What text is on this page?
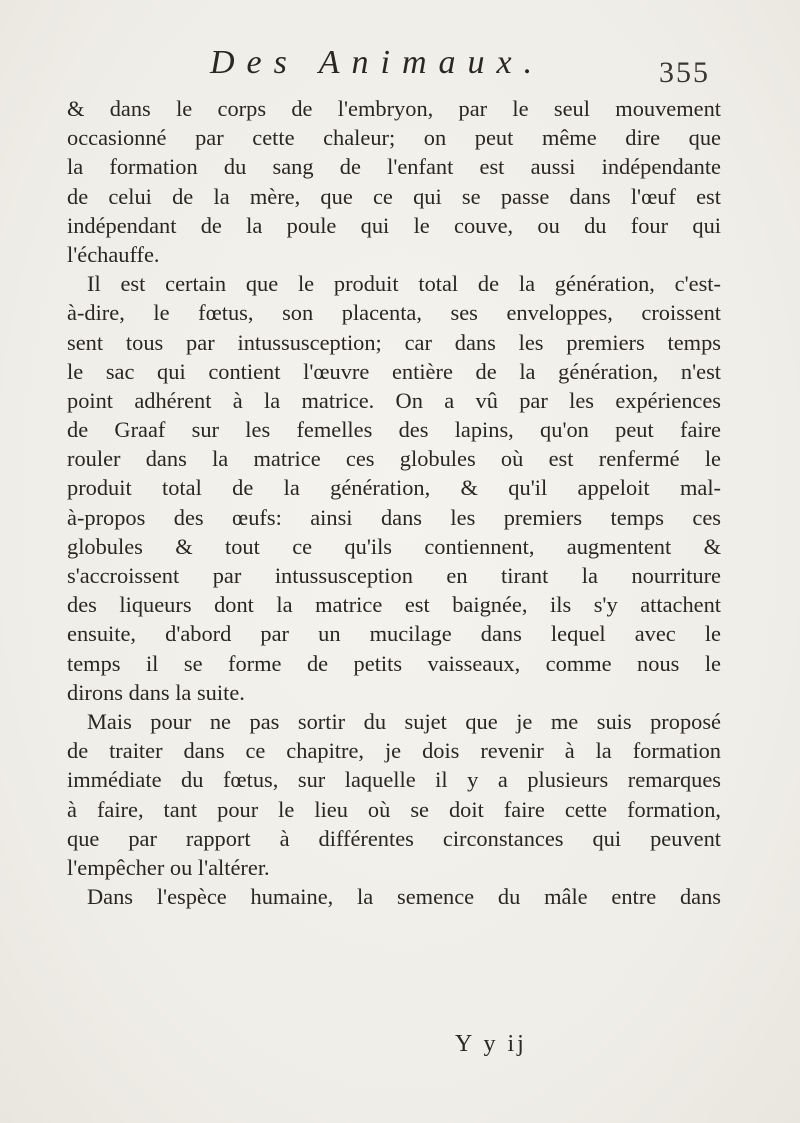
Des Animaux.	355
& dans le corps de l'embryon, par le seul mouvement
occasionné par cette chaleur; on peut même dire que
la formation du sang de l'enfant est aussi indépendante
de celui de la mère, que ce qui se passe dans l'œuf est
indépendant de la poule qui le couve, ou du four qui
l'échauffe.
Il est certain que le produit total de la génération, c'est-
à-dire, le fœtus, son placenta, ses enveloppes, croissent
sent tous par intussusception; car dans les premiers temps
le sac qui contient l'œuvre entière de la génération, n'est
point adhérent à la matrice. On a vû par les expériences
de Graaf sur les femelles des lapins, qu'on peut faire
rouler dans la matrice ces globules où est renfermé le
produit total de la génération, & qu'il appeloit mal-
à-propos des œufs: ainsi dans les premiers temps ces
globules & tout ce qu'ils contiennent, augmentent &
s'accroissent par intussusception en tirant la nourriture
des liqueurs dont la matrice est baignée, ils s'y attachent
ensuite, d'abord par un mucilage dans lequel avec le
temps il se forme de petits vaisseaux, comme nous le
dirons dans la suite.
Mais pour ne pas sortir du sujet que je me suis proposé
de traiter dans ce chapitre, je dois revenir à la formation
immédiate du fœtus, sur laquelle il y a plusieurs remarques
à faire, tant pour le lieu où se doit faire cette formation,
que par rapport à différentes circonstances qui peuvent
l'empêcher ou l'altérer.
Dans l'espèce humaine, la semence du mâle entre dans
Y y ij
